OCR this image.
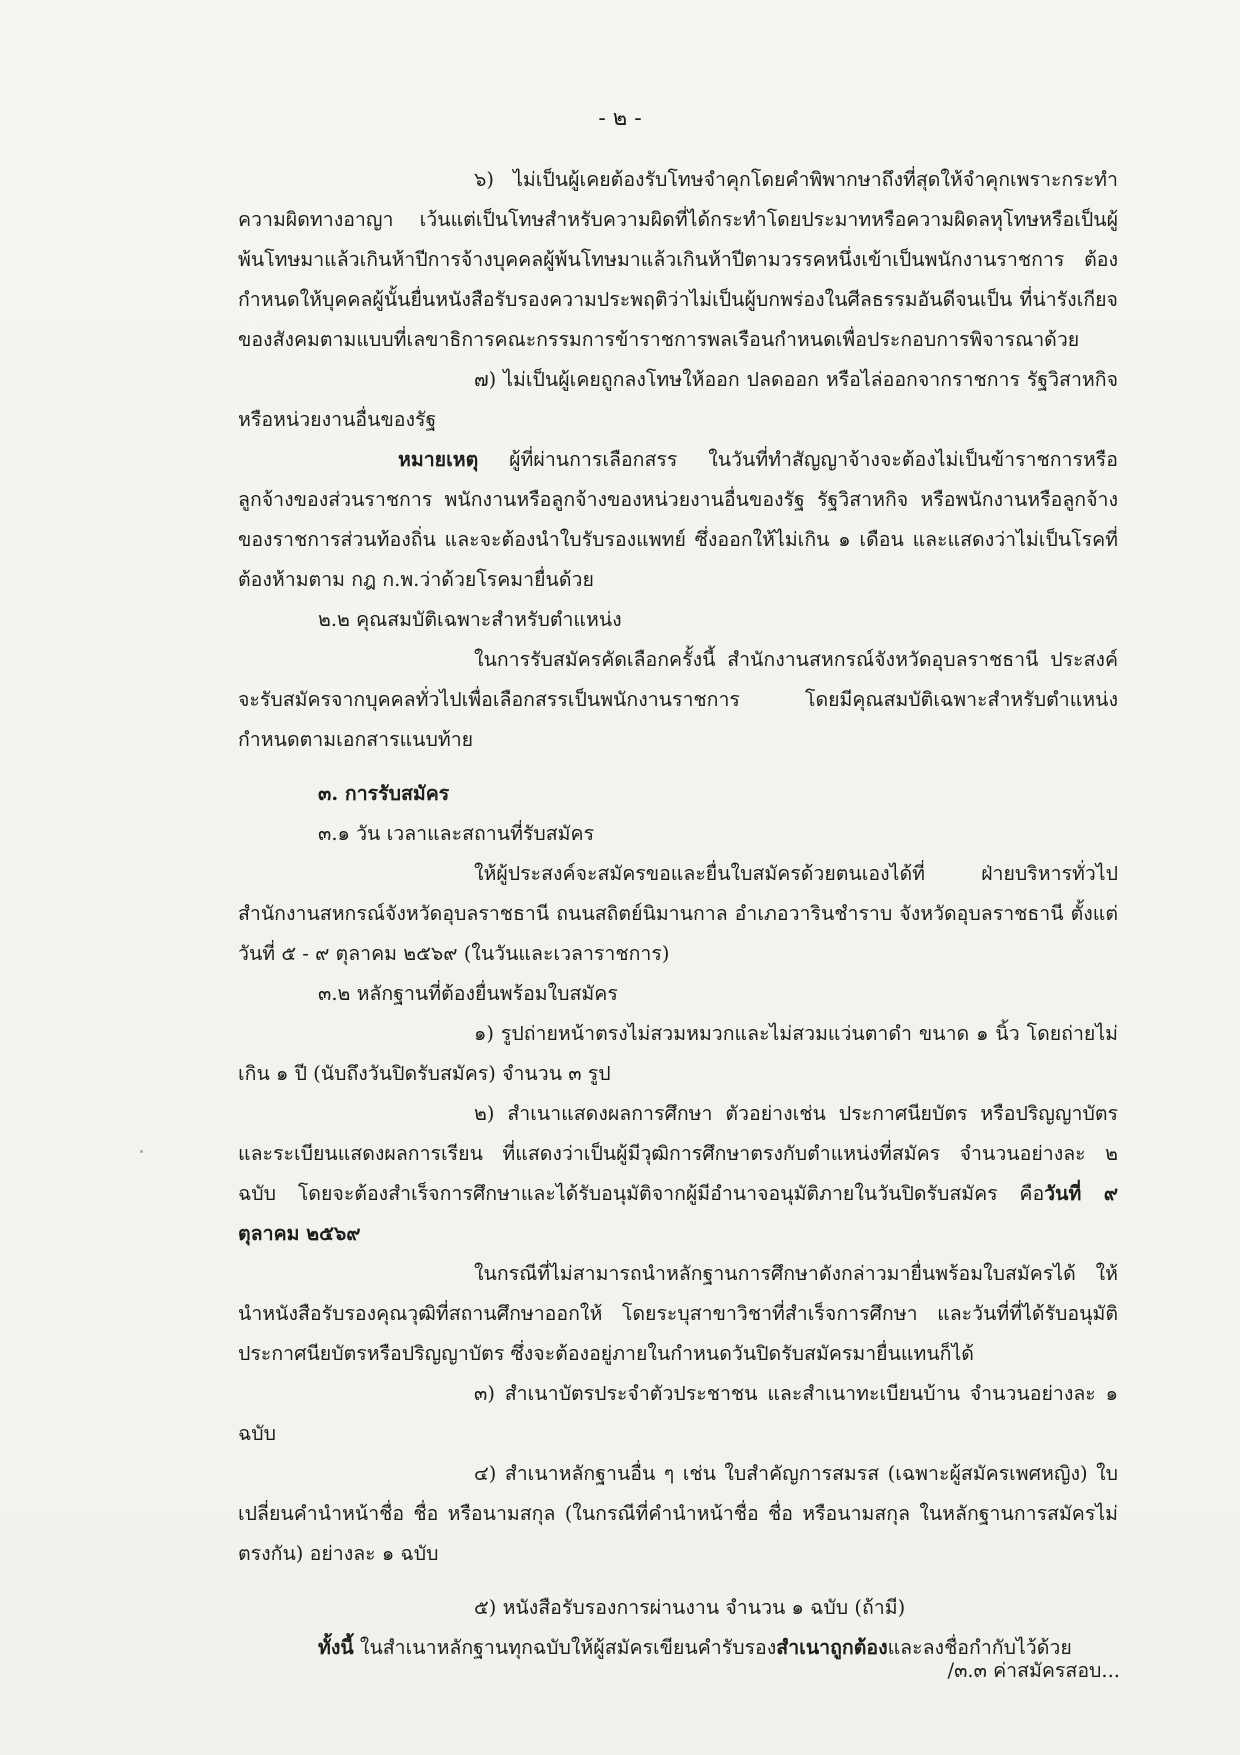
- ๒ -

๖) ไม่เป็นผู้เคยต้องรับโทษจำคุกโดยคำพิพากษาถึงที่สุดให้จำคุกเพราะกระทำความผิดทางอาญา เว้นแต่เป็นโทษสำหรับความผิดที่ได้กระทำโดยประมาทหรือความผิดลหุโทษหรือเป็นผู้พ้นโทษมาแล้วเกินห้าปีการจ้างบุคคลผู้พ้นโทษมาแล้วเกินห้าปีตามวรรคหนึ่งเข้าเป็นพนักงานราชการ ต้องกำหนดให้บุคคลผู้นั้นยื่นหนังสือรับรองความประพฤติว่าไม่เป็นผู้บกพร่องในศีลธรรมอันดีจนเป็น ที่น่ารังเกียจของสังคมตามแบบที่เลขาธิการคณะกรรมการข้าราชการพลเรือนกำหนดเพื่อประกอบการพิจารณาด้วย

๗) ไม่เป็นผู้เคยถูกลงโทษให้ออก ปลดออก หรือไล่ออกจากราชการ รัฐวิสาหกิจ หรือหน่วยงานอื่นของรัฐ

หมายเหตุ ผู้ที่ผ่านการเลือกสรร ในวันที่ทำสัญญาจ้างจะต้องไม่เป็นข้าราชการหรือลูกจ้างของส่วนราชการ พนักงานหรือลูกจ้างของหน่วยงานอื่นของรัฐ รัฐวิสาหกิจ หรือพนักงานหรือลูกจ้างของราชการส่วนท้องถิ่น และจะต้องนำใบรับรองแพทย์ ซึ่งออกให้ไม่เกิน ๑ เดือน และแสดงว่าไม่เป็นโรคที่ต้องห้ามตาม กฎ ก.พ.ว่าด้วยโรคมายื่นด้วย

๒.๒ คุณสมบัติเฉพาะสำหรับตำแหน่ง

ในการรับสมัครคัดเลือกครั้งนี้ สำนักงานสหกรณ์จังหวัดอุบลราชธานี ประสงค์จะรับสมัครจากบุคคลทั่วไปเพื่อเลือกสรรเป็นพนักงานราชการ โดยมีคุณสมบัติเฉพาะสำหรับตำแหน่งกำหนดตามเอกสารแนบท้าย

๓. การรับสมัคร

๓.๑ วัน เวลาและสถานที่รับสมัคร

ให้ผู้ประสงค์จะสมัครขอและยื่นใบสมัครด้วยตนเองได้ที่ ฝ่ายบริหารทั่วไป สำนักงานสหกรณ์จังหวัดอุบลราชธานี ถนนสถิตย์นิมานกาล อำเภอวารินชำราบ จังหวัดอุบลราชธานี ตั้งแต่วันที่ ๕ - ๙ ตุลาคม ๒๕๖๙ (ในวันและเวลาราชการ)

๓.๒ หลักฐานที่ต้องยื่นพร้อมใบสมัคร

๑) รูปถ่ายหน้าตรงไม่สวมหมวกและไม่สวมแว่นตาดำ ขนาด ๑ นิ้ว โดยถ่ายไม่เกิน ๑ ปี (นับถึงวันปิดรับสมัคร) จำนวน ๓ รูป

๒) สำเนาแสดงผลการศึกษา ตัวอย่างเช่น ประกาศนียบัตร หรือปริญญาบัตร และระเบียนแสดงผลการเรียน ที่แสดงว่าเป็นผู้มีวุฒิการศึกษาตรงกับตำแหน่งที่สมัคร จำนวนอย่างละ ๒ ฉบับ โดยจะต้องสำเร็จการศึกษาและได้รับอนุมัติจากผู้มีอำนาจอนุมัติภายในวันปิดรับสมัคร คือวันที่ ๙ ตุลาคม ๒๕๖๙

ในกรณีที่ไม่สามารถนำหลักฐานการศึกษาดังกล่าวมายื่นพร้อมใบสมัครได้ ให้นำหนังสือรับรองคุณวุฒิที่สถานศึกษาออกให้ โดยระบุสาขาวิชาที่สำเร็จการศึกษา และวันที่ที่ได้รับอนุมัติประกาศนียบัตรหรือปริญญาบัตร ซึ่งจะต้องอยู่ภายในกำหนดวันปิดรับสมัครมายื่นแทนก็ได้

๓) สำเนาบัตรประจำตัวประชาชน และสำเนาทะเบียนบ้าน จำนวนอย่างละ ๑ ฉบับ

๔) สำเนาหลักฐานอื่น ๆ เช่น ใบสำคัญการสมรส (เฉพาะผู้สมัครเพศหญิง) ใบเปลี่ยนคำนำหน้าชื่อ ชื่อ หรือนามสกุล (ในกรณีที่คำนำหน้าชื่อ ชื่อ หรือนามสกุล ในหลักฐานการสมัครไม่ตรงกัน) อย่างละ ๑ ฉบับ

๕) หนังสือรับรองการผ่านงาน จำนวน ๑ ฉบับ (ถ้ามี)

ทั้งนี้ ในสำเนาหลักฐานทุกฉบับให้ผู้สมัครเขียนคำรับรองสำเนาถูกต้องและลงชื่อกำกับไว้ด้วย

/๓.๓ ค่าสมัครสอบ...
